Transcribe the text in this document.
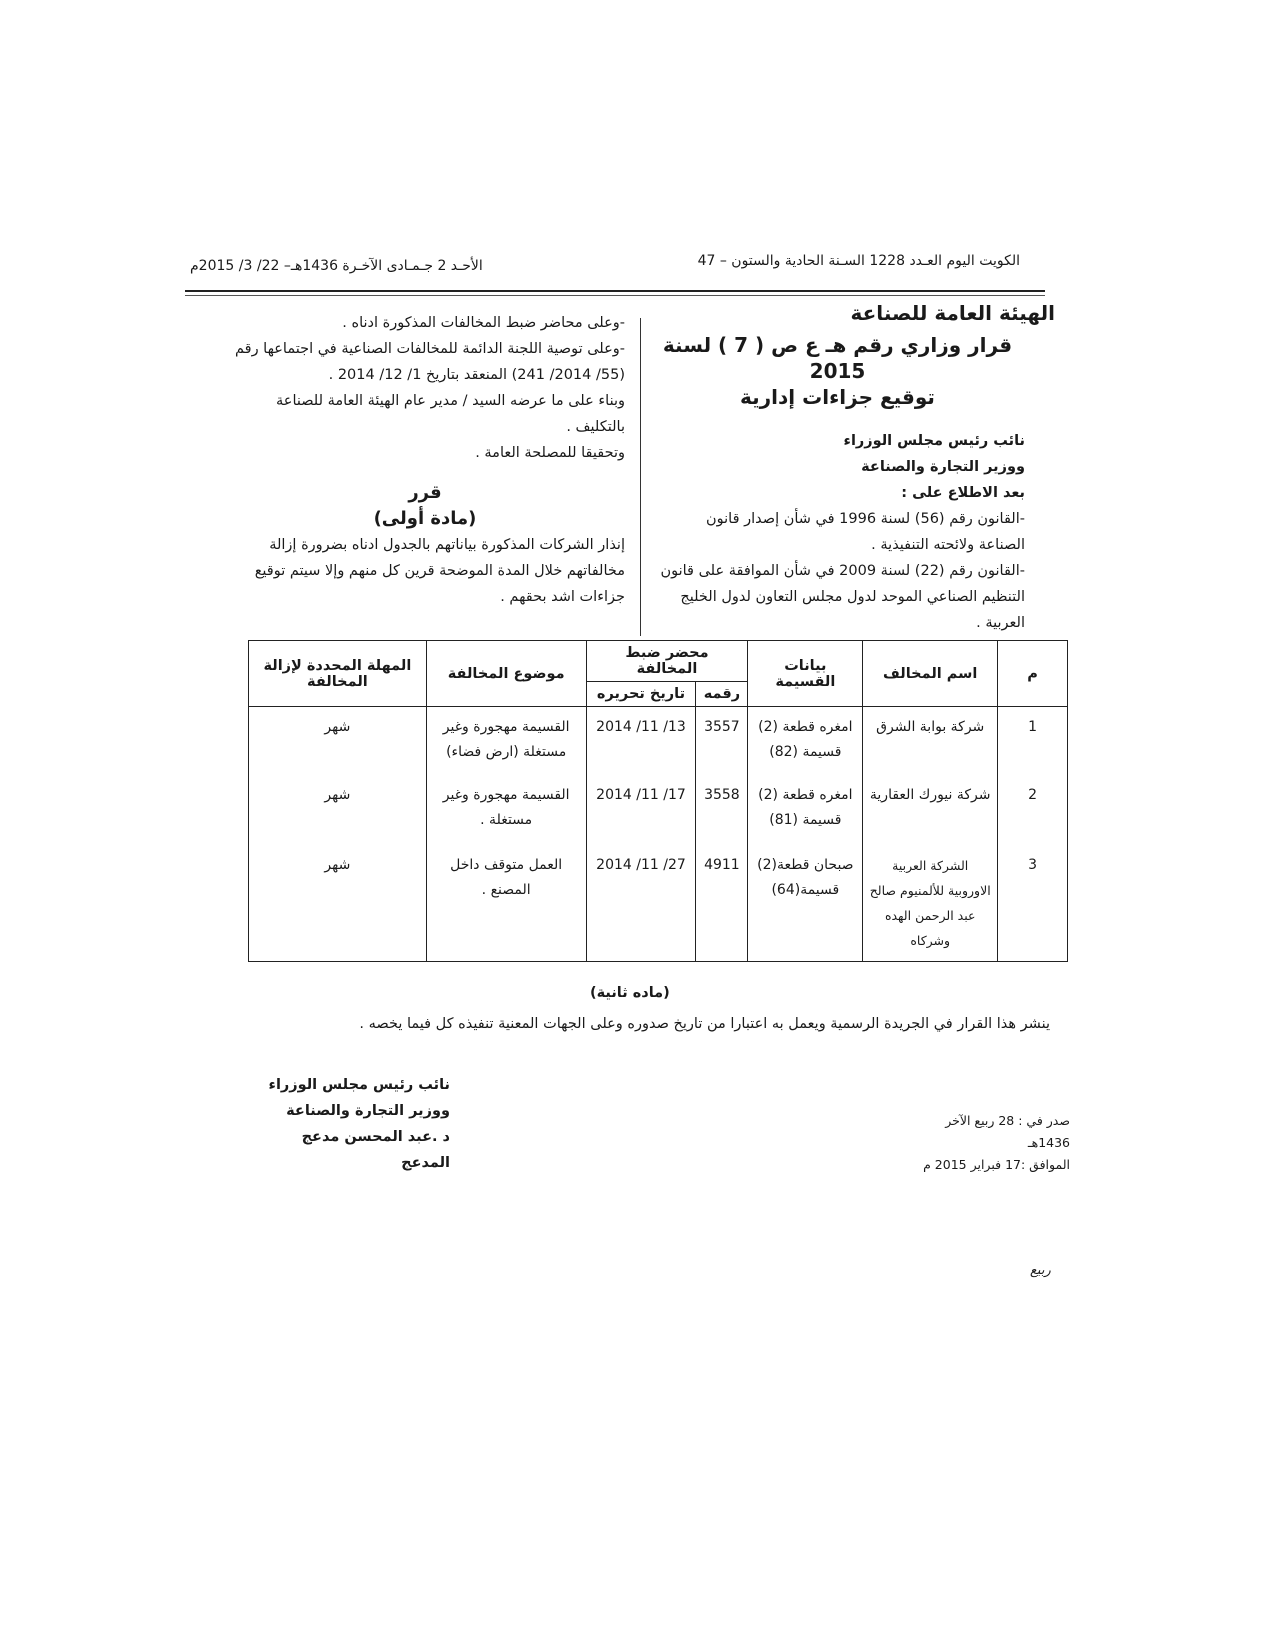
الكويت اليوم العـدد 1228 السـنة الحادية والستون – 47
الأحـد 2 جـمـادى الآخـرة 1436هـ– 22/ 3/ 2015م
الهيئة العامة للصناعة
قرار وزاري رقم هـ ع ص ( 7 ) لسنة 2015
توقيع جزاءات إدارية
نائب رئيس مجلس الوزراء
ووزير التجارة والصناعة
بعد الاطلاع على :
-القانون رقم (56) لسنة 1996 في شأن إصدار قانون الصناعة ولائحته التنفيذية .
-القانون رقم (22) لسنة 2009 في شأن الموافقة على قانون التنظيم الصناعي الموحد لدول مجلس التعاون لدول الخليج العربية .
-وعلى محاضر ضبط المخالفات المذكورة ادناه .
-وعلى توصية اللجنة الدائمة للمخالفات الصناعية في اجتماعها رقم (55/ 2014/ 241) المنعقد بتاريخ 1/ 12/ 2014 .
وبناء على ما عرضه السيد / مدير عام الهيئة العامة للصناعة بالتكليف .
وتحقيقا للمصلحة العامة .
قرر
(مادة أولى)
إنذار الشركات المذكورة بياناتهم بالجدول ادناه بضرورة إزالة مخالفاتهم خلال المدة الموضحة قرين كل منهم وإلا سيتم توقيع جزاءات اشد بحقهم .
م	اسم المخالف	بيانات القسيمة	محضر ضبط المخالفة		موضوع المخالفة	المهلة المحددة لإزالة المخالفة
			رقمه	تاريخ تحريره		
1	شركة بوابة الشرق	امغره قطعة (2) قسيمة (82)	3557	13/ 11/ 2014	القسيمة مهجورة وغير مستغلة (ارض فضاء)	شهر
2	شركة نيورك العقارية	امغره قطعة (2) قسيمة (81)	3558	17/ 11/ 2014	القسيمة مهجورة وغير مستغلة .	شهر
3	الشركة العربية الاوروبية للألمنيوم صالح عبد الرحمن الهده وشركاه	صبحان قطعة(2) قسيمة(64)	4911	27/ 11/ 2014	العمل متوقف داخل المصنع .	شهر
(ماده ثانية)
ينشر هذا القرار في الجريدة الرسمية ويعمل به اعتبارا من تاريخ صدوره وعلى الجهات المعنية تنفيذه كل فيما يخصه .
نائب رئيس مجلس الوزراء
ووزير التجارة والصناعة
د .عبد المحسن مدعج المدعج
صدر في : 28 ربيع الآخر 1436هـ
الموافق :17 فبراير 2015 م
ربيع
